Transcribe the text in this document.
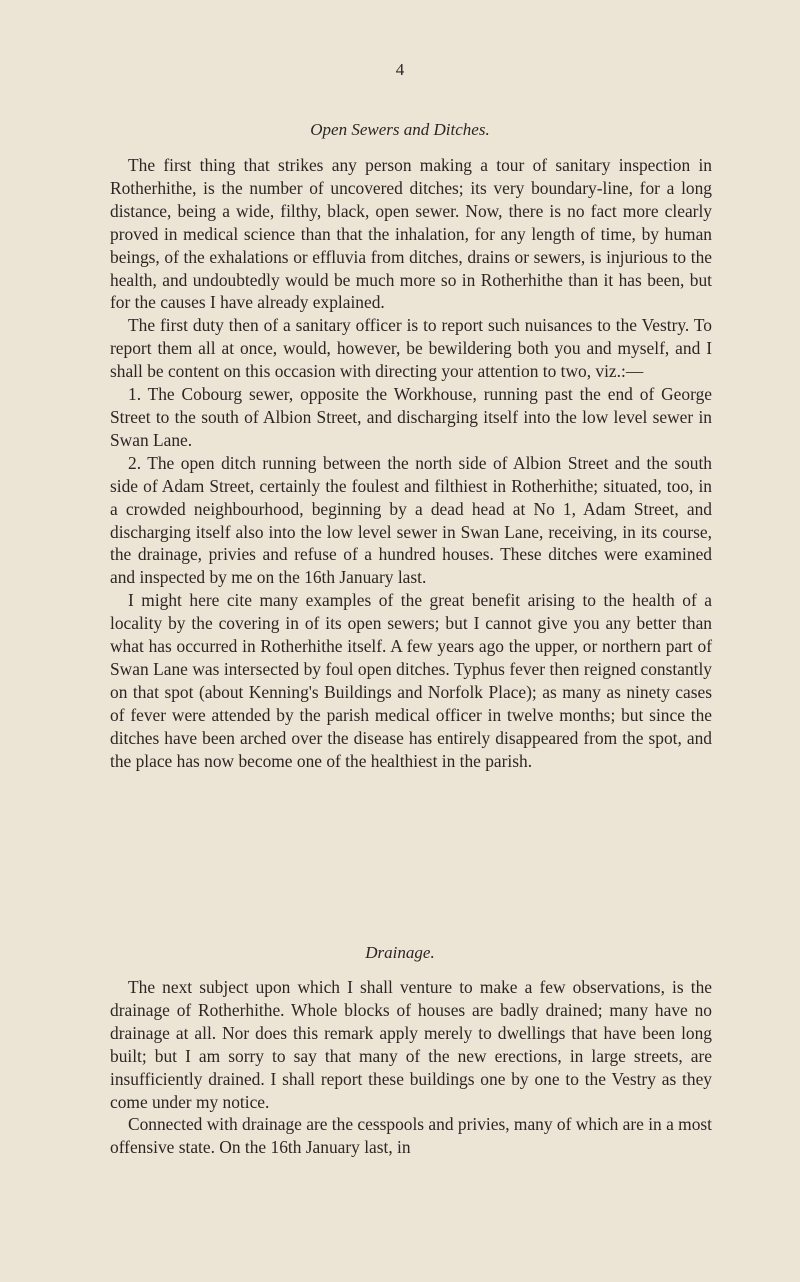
4
Open Sewers and Ditches.

The first thing that strikes any person making a tour of sanitary inspection in Rotherhithe, is the number of uncovered ditches; its very boundary-line, for a long distance, being a wide, filthy, black, open sewer. Now, there is no fact more clearly proved in medical science than that the inhalation, for any length of time, by human beings, of the exhalations or effluvia from ditches, drains or sewers, is injurious to the health, and undoubtedly would be much more so in Rotherhithe than it has been, but for the causes I have already explained.

The first duty then of a sanitary officer is to report such nuisances to the Vestry. To report them all at once, would, however, be bewildering both you and myself, and I shall be content on this occasion with directing your attention to two, viz.:—

1. The Cobourg sewer, opposite the Workhouse, running past the end of George Street to the south of Albion Street, and discharging itself into the low level sewer in Swan Lane.

2. The open ditch running between the north side of Albion Street and the south side of Adam Street, certainly the foulest and filthiest in Rotherhithe; situated, too, in a crowded neighbourhood, beginning by a dead head at No 1, Adam Street, and discharging itself also into the low level sewer in Swan Lane, receiving, in its course, the drainage, privies and refuse of a hundred houses. These ditches were examined and inspected by me on the 16th January last.

I might here cite many examples of the great benefit arising to the health of a locality by the covering in of its open sewers; but I cannot give you any better than what has occurred in Rotherhithe itself. A few years ago the upper, or northern part of Swan Lane was intersected by foul open ditches. Typhus fever then reigned constantly on that spot (about Kenning's Buildings and Norfolk Place); as many as ninety cases of fever were attended by the parish medical officer in twelve months; but since the ditches have been arched over the disease has entirely disappeared from the spot, and the place has now become one of the healthiest in the parish.

Drainage.

The next subject upon which I shall venture to make a few observations, is the drainage of Rotherhithe. Whole blocks of houses are badly drained; many have no drainage at all. Nor does this remark apply merely to dwellings that have been long built; but I am sorry to say that many of the new erections, in large streets, are insufficiently drained. I shall report these buildings one by one to the Vestry as they come under my notice.

Connected with drainage are the cesspools and privies, many of which are in a most offensive state. On the 16th January last, in
